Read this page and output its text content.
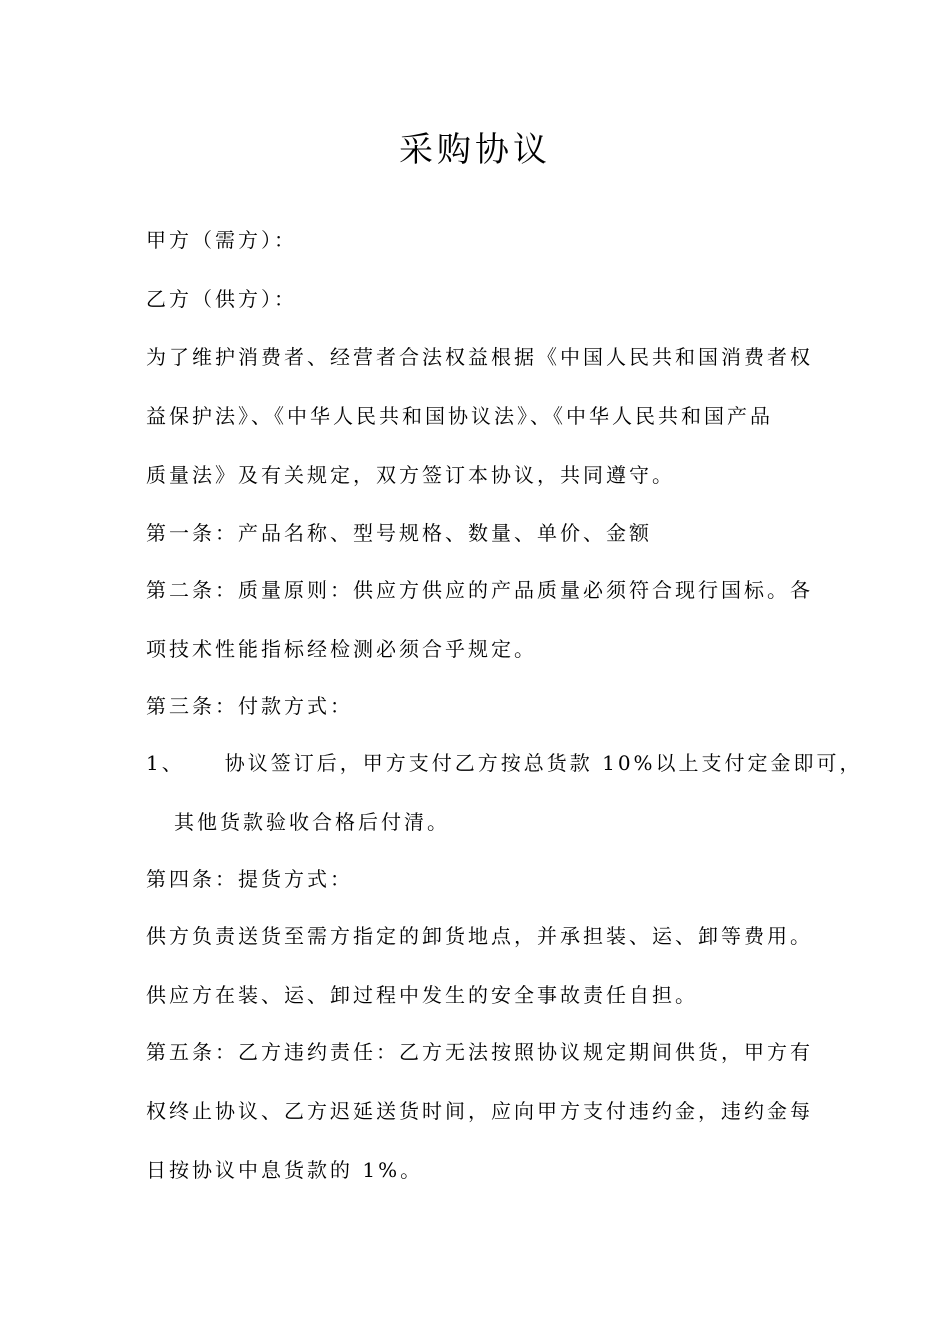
采购协议

甲方（需方）：

乙方（供方）：

为了维护消费者、经营者合法权益根据《中国人民共和国消费者权

益保护法》、《中华人民共和国协议法》、《中华人民共和国产品

质量法》及有关规定，双方签订本协议，共同遵守。

第一条：产品名称、型号规格、数量、单价、金额

第二条：质量原则：供应方供应的产品质量必须符合现行国标。各

项技术性能指标经检测必须合乎规定。

第三条：付款方式：

1、 协议签订后，甲方支付乙方按总货款 10%以上支付定金即可，

其他货款验收合格后付清。

第四条：提货方式：

供方负责送货至需方指定的卸货地点，并承担装、运、卸等费用。

供应方在装、运、卸过程中发生的安全事故责任自担。

第五条：乙方违约责任：乙方无法按照协议规定期间供货，甲方有

权终止协议、乙方迟延送货时间，应向甲方支付违约金，违约金每

日按协议中息货款的 1%。
